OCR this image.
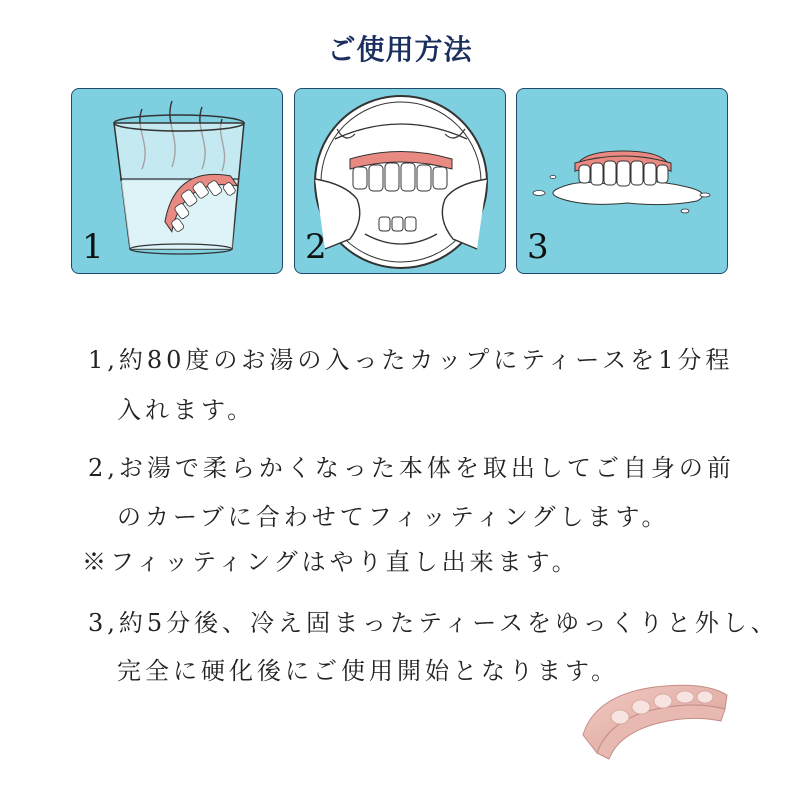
ご使用方法
1	2	3
1,約80度のお湯の入ったカップにティースを1分程
入れます。
2,お湯で柔らかくなった本体を取出してご自身の前
のカーブに合わせてフィッティングします。
※フィッティングはやり直し出来ます。
3,約5分後、冷え固まったティースをゆっくりと外し、
完全に硬化後にご使用開始となります。
